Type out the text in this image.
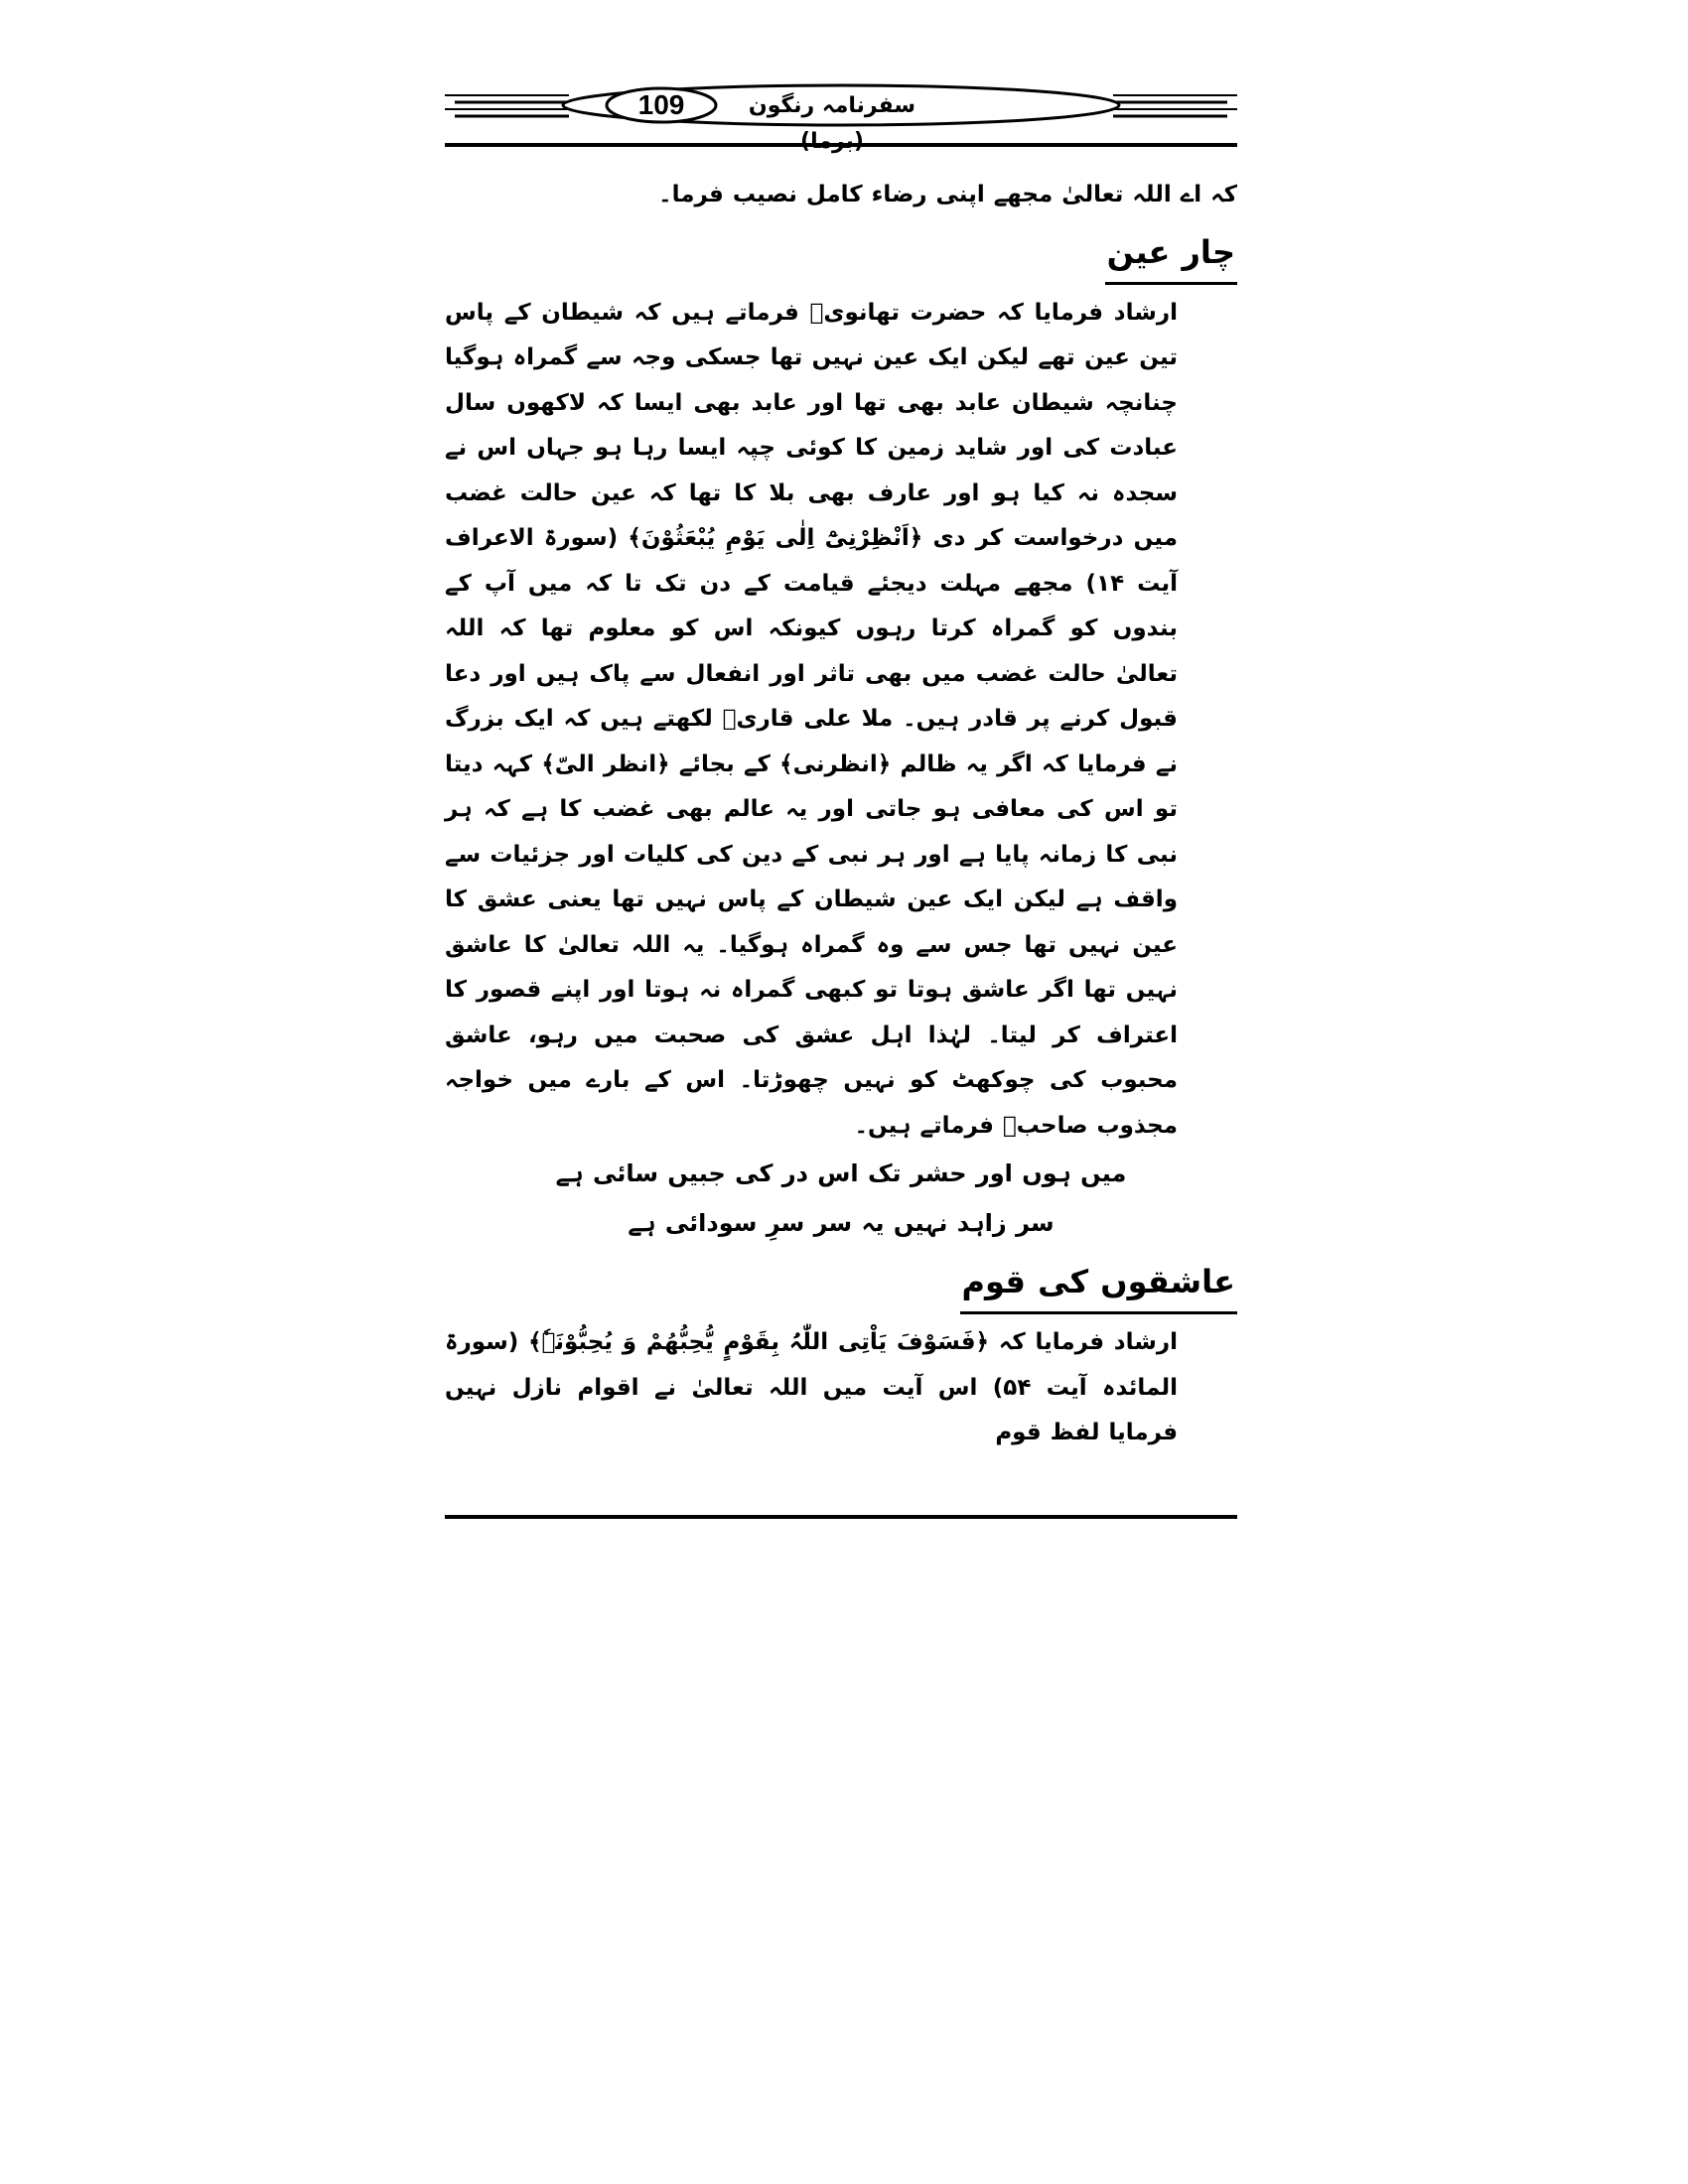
109	سفرنامہ رنگون (برما)

کہ اے اللہ تعالیٰ مجھے اپنی رضاء کامل نصیب فرما۔

چار عین

ارشاد فرمایا کہ حضرت تھانویؒ فرماتے ہیں کہ شیطان کے پاس تین عین تھے لیکن ایک عین نہیں تھا جسکی وجہ سے گمراہ ہوگیا چنانچہ شیطان عابد بھی تھا اور عابد بھی ایسا کہ لاکھوں سال عبادت کی اور شاید زمین کا کوئی چپہ ایسا رہا ہو جہاں اس نے سجدہ نہ کیا ہو اور عارف بھی بلا کا تھا کہ عین حالت غضب میں درخواست کر دی ﴿اَنْظِرْنِیْٓ اِلٰی یَوْمِ یُبْعَثُوْنَ﴾ (سورۃ الاعراف آیت ۱۴) مجھے مہلت دیجئے قیامت کے دن تک تا کہ میں آپ کے بندوں کو گمراہ کرتا رہوں کیونکہ اس کو معلوم تھا کہ اللہ تعالیٰ حالت غضب میں بھی تاثر اور انفعال سے پاک ہیں اور دعا قبول کرنے پر قادر ہیں۔ ملا علی قاریؒ لکھتے ہیں کہ ایک بزرگ نے فرمایا کہ اگر یہ ظالم ﴿انظرنی﴾ کے بجائے ﴿انظر الیّ﴾ کہہ دیتا تو اس کی معافی ہو جاتی اور یہ عالم بھی غضب کا ہے کہ ہر نبی کا زمانہ پایا ہے اور ہر نبی کے دین کی کلیات اور جزئیات سے واقف ہے لیکن ایک عین شیطان کے پاس نہیں تھا یعنی عشق کا عین نہیں تھا جس سے وہ گمراہ ہوگیا۔ یہ اللہ تعالیٰ کا عاشق نہیں تھا اگر عاشق ہوتا تو کبھی گمراہ نہ ہوتا اور اپنے قصور کا اعتراف کر لیتا۔ لہٰذا اہل عشق کی صحبت میں رہو، عاشق محبوب کی چوکھٹ کو نہیں چھوڑتا۔ اس کے بارے میں خواجہ مجذوب صاحبؒ فرماتے ہیں۔

میں ہوں اور حشر تک اس در کی جبیں سائی ہے

سر زاہد نہیں یہ سر سرِ سودائی ہے

عاشقوں کی قوم

ارشاد فرمایا کہ ﴿فَسَوْفَ یَاْتِی اللّٰہُ بِقَوْمٍ یُّحِبُّھُمْ وَ یُحِبُّوْنَہٗ﴾ (سورۃ المائدہ آیت ۵۴) اس آیت میں اللہ تعالیٰ نے اقوام نازل نہیں فرمایا لفظ قوم
